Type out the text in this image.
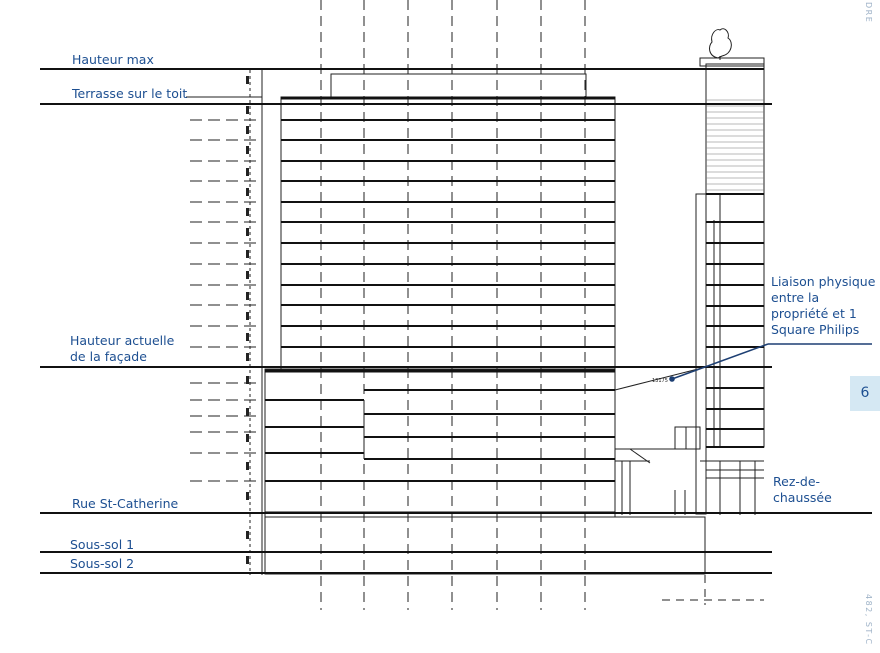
13175
Hauteur max
Terrasse sur le toit
Hauteur actuelle de la façade
Rue St-Catherine
Sous-sol 1
Sous-sol 2
Liaison physique entre la propriété et 1 Square Philips
Rez-de-chaussée
DRE
482, ST-C
6
